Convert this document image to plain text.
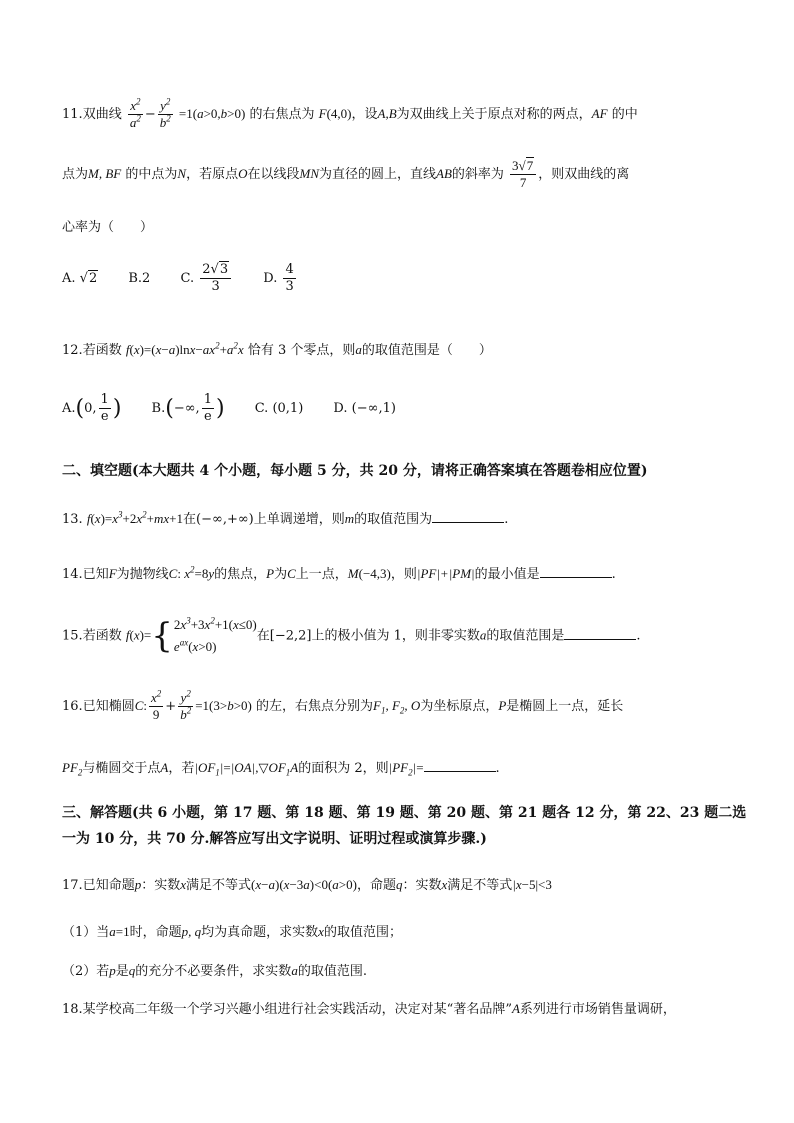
11.双曲线 $\frac{x^2}{a^2} - \frac{y^2}{b^2} =1(a>0,b>0)$ 的右焦点为 F(4,0)，设A,B为双曲线上关于原点对称的两点，AF 的中
点为M, BF 的中点为N，若原点O在以线段MN为直径的圆上，直线AB的斜率为 $\frac{3√7}{7}$ ，则双曲线的离
心率为（　　）
A. √2 B.2 C. $\frac{2√3}{3} D$. $\frac{4}{3}$
12.若函数 $f(x)=(x-a)\ln x-ax^2+a^2x$ 恰有 3 个零点，则a的取值范围是（　　）
A.(0, $\frac{1}{e}$ ) B.(−∞, $\frac{1}{e}$ ) C. (0,1) D. (−∞,1)
二、填空题(本大题共 4 个小题，每小题 5 分，共 20 分，请将正确答案填在答题卷相应位置)
13. $f(x)=x^3+2x^2+mx+1$在(−∞,+∞)上单调递增，则m的取值范围为	.
14.已知F为抛物线C: $x^2=8y$的焦点，P为C上一点，M(−4,3)，则|PF|+|PM|的最小值是	.
15.若函数 f(x)={ $2x^3+3x^2+1(x\le 0)$
$e^{ax}(x>0)$
在[−2,2]上的极小值为 1，则非零实数a的取值范围是	.
16.已知椭圆C: $\frac{x^2}{9} + \frac{y^2}{b^2} =1(3>b>0)$ 的左，右焦点分别为$F_1$, $F_2$, O为坐标原点，P是椭圆上一点，延长
$PF_2$与椭圆交于点A，若$|OF_1|=|OA|,▽OF_1A$的面积为 2，则$|PF_2|=$	.
三、解答题(共 6 小题，第 17 题、第 18 题、第 19 题、第 20 题、第 21 题各 12 分，第 22、23 题二选
一为 10 分，共 70 分.解答应写出文字说明、证明过程或演算步骤.)
17.已知命题p：实数x满足不等式(x−a)(x−3a)<0(a>0)，命题q：实数x满足不等式|x−5|<3
（1）当a=1时，命题p, q均为真命题，求实数x的取值范围；
（2）若p是q的充分不必要条件，求实数a的取值范围.
18.某学校高二年级一个学习兴趣小组进行社会实践活动，决定对某“著名品牌”A系列进行市场销售量调研，
